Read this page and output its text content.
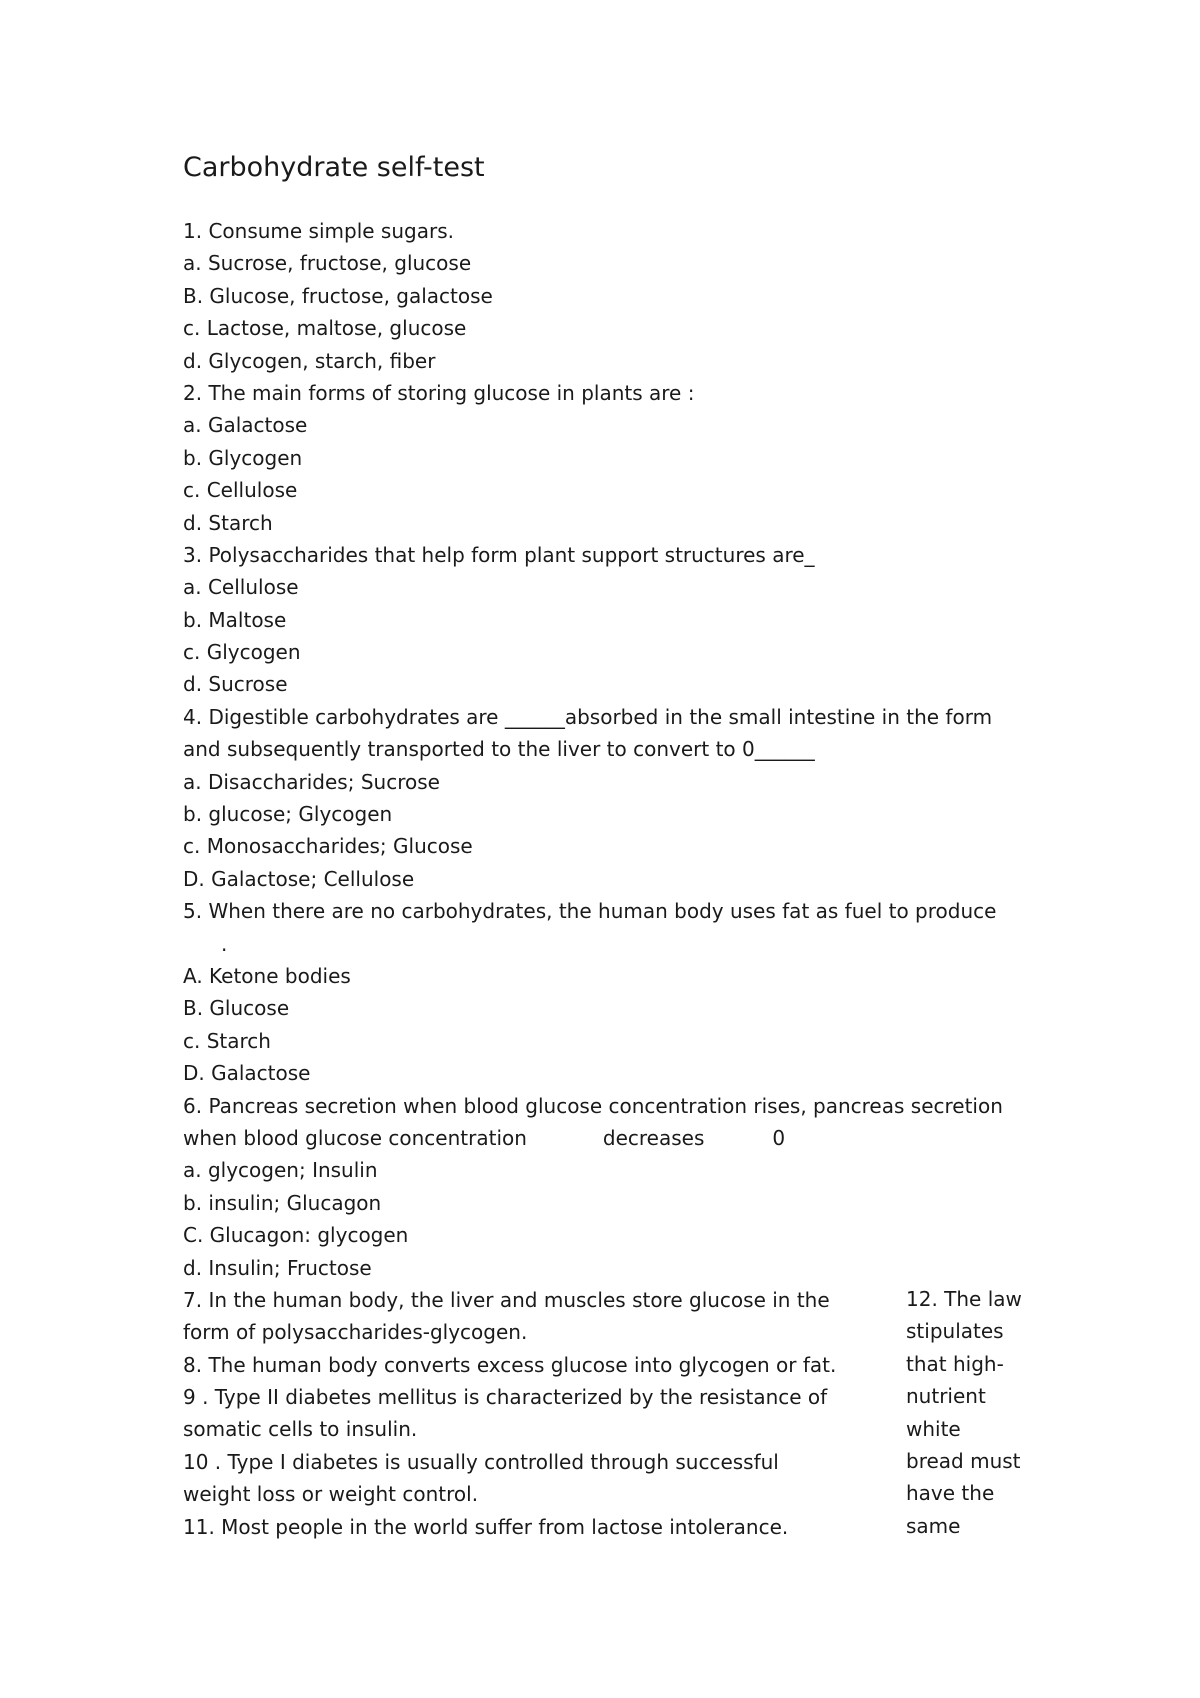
Carbohydrate self-test
1. Consume simple sugars.
a. Sucrose, fructose, glucose
B. Glucose, fructose, galactose
c. Lactose, maltose, glucose
d. Glycogen, starch, fiber
2. The main forms of storing glucose in plants are :
a. Galactose
b. Glycogen
c. Cellulose
d. Starch
3. Polysaccharides that help form plant support structures are_
a. Cellulose
b. Maltose
c. Glycogen
d. Sucrose
4. Digestible carbohydrates are ______absorbed in the small intestine in the form
and subsequently transported to the liver to convert to 0______
a. Disaccharides; Sucrose
b. glucose; Glycogen
c. Monosaccharides; Glucose
D. Galactose; Cellulose
5. When there are no carbohydrates, the human body uses fat as fuel to produce
.
A. Ketone bodies
B. Glucose
c. Starch
D. Galactose
6. Pancreas secretion when blood glucose concentration rises, pancreas secretion
when blood glucose concentration	decreases	0
a. glycogen; Insulin
b. insulin; Glucagon
C. Glucagon: glycogen
d. Insulin; Fructose
7. In the human body, the liver and muscles store glucose in the
form of polysaccharides-glycogen.
8. The human body converts excess glucose into glycogen or fat.
9 . Type II diabetes mellitus is characterized by the resistance of
somatic cells to insulin.
10 . Type I diabetes is usually controlled through successful
weight loss or weight control.
11. Most people in the world suffer from lactose intolerance.
12. The law
stipulates
that high-
nutrient
white
bread must
have the
same
